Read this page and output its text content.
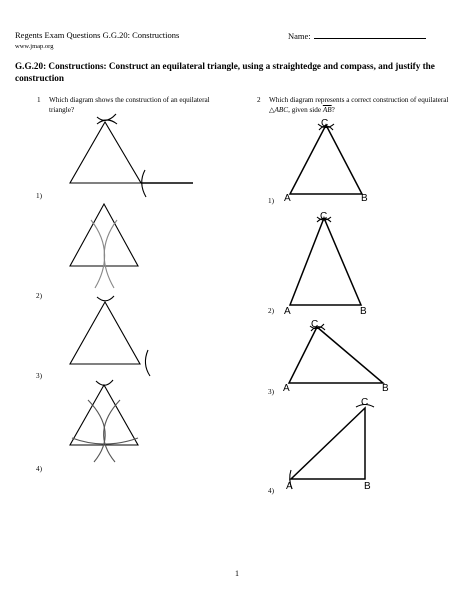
Regents Exam Questions G.G.20: Constructions
www.jmap.org
Name:
G.G.20: Constructions: Construct an equilateral triangle, using a straightedge and compass, and justify the construction
1 Which diagram shows the construction of an equilateral triangle?
2 Which diagram represents a correct construction of equilateral △ABC, given side $\overline{AB}$?
1)
2)
3)
4)
1)
2)
3)
4)
C
A	B
C
A	B
C
A	B
C
A	B
1
